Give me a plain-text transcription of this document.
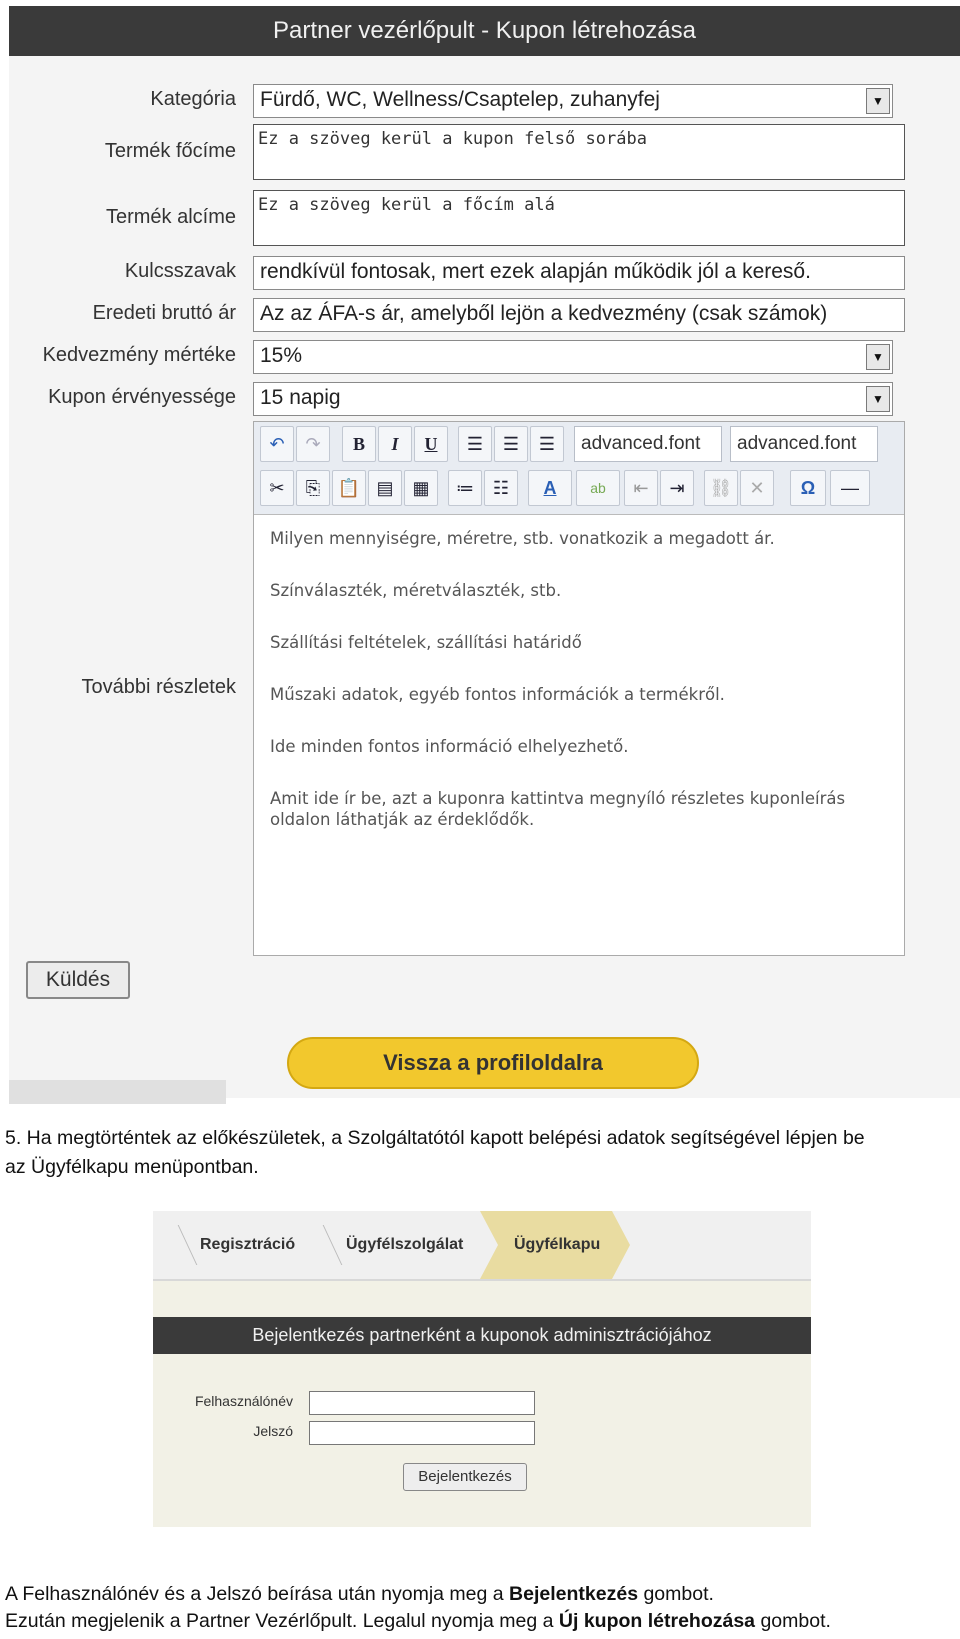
Partner vezérlőpult - Kupon létrehozása
Kategória	Fürdő, WC, Wellness/Csaptelep, zuhanyfej	▼
Termék főcíme
Ez a szöveg kerül a kupon felső sorába
Termék alcíme
Ez a szöveg kerül a főcím alá
Kulcsszavak	rendkívül fontosak, mert ezek alapján működik jól a kereső.
Eredeti bruttó ár	Az az ÁFA-s ár, amelyből lejön a kedvezmény (csak számok)
Kedvezmény mértéke	15%	▼
Kupon érvényessége	15 napig	▼
További részletek
↶	↷	B	I	U	☰	☰	☰	advanced.font	advanced.font
✂	⎘ 📋 ▤	▦	≔	☷	A	ab	⇤	⇥	⛓ ✕	Ω	—

Milyen mennyiségre, méretre, stb. vonatkozik a megadott ár.

Színválaszték, méretválaszték, stb.

Szállítási feltételek, szállítási határidő

Műszaki adatok, egyéb fontos információk a termékről.

Ide minden fontos információ elhelyezhető.

Amit ide ír be, azt a kuponra kattintva megnyíló részletes kuponleírás oldalon láthatják az érdeklődők.

Küldés
Vissza a profiloldalra
5. Ha megtörténtek az előkészületek, a Szolgáltatótól kapott belépési adatok segítségével lépjen be
az Ügyfélkapu menüpontban.
Regisztráció	Ügyfélszolgálat	Ügyfélkapu
Bejelentkezés partnerként a kuponok adminisztrációjához
Felhasználónév
Jelszó
Bejelentkezés
A Felhasználónév és a Jelszó beírása után nyomja meg a Bejelentkezés gombot.
Ezután megjelenik a Partner Vezérlőpult. Legalul nyomja meg a Új kupon létrehozása gombot.
